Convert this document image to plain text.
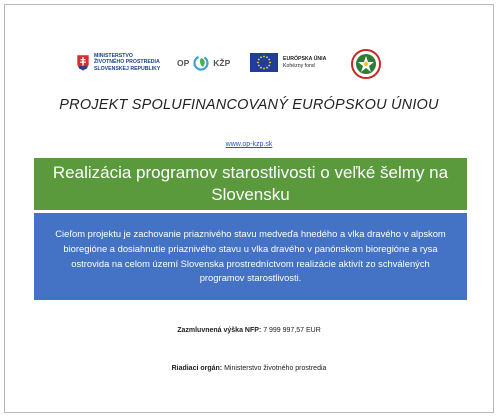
MINISTERSTVO
ŽIVOTNÉHO PROSTREDIA
SLOVENSKEJ REPUBLIKY
OP	KŽP	EURÓPSKA ÚNIA
Kohézny fond
PROJEKT SPOLUFINANCOVANÝ EURÓPSKOU ÚNIOU
www.op-kzp.sk
Realizácia programov starostlivosti o veľké šelmy na Slovensku
Cieľom projektu je zachovanie priaznivého stavu medveďa hnedého a vlka dravého v alpskom bioregióne a dosiahnutie priaznivého stavu u vlka dravého v panónskom bioregióne a rysa ostrovida na celom území Slovenska prostredníctvom realizácie aktivít zo schválených programov starostlivosti.
Zazmluvnená výška NFP: 7 999 997,57 EUR
Riadiaci orgán: Ministerstvo životného prostredia
